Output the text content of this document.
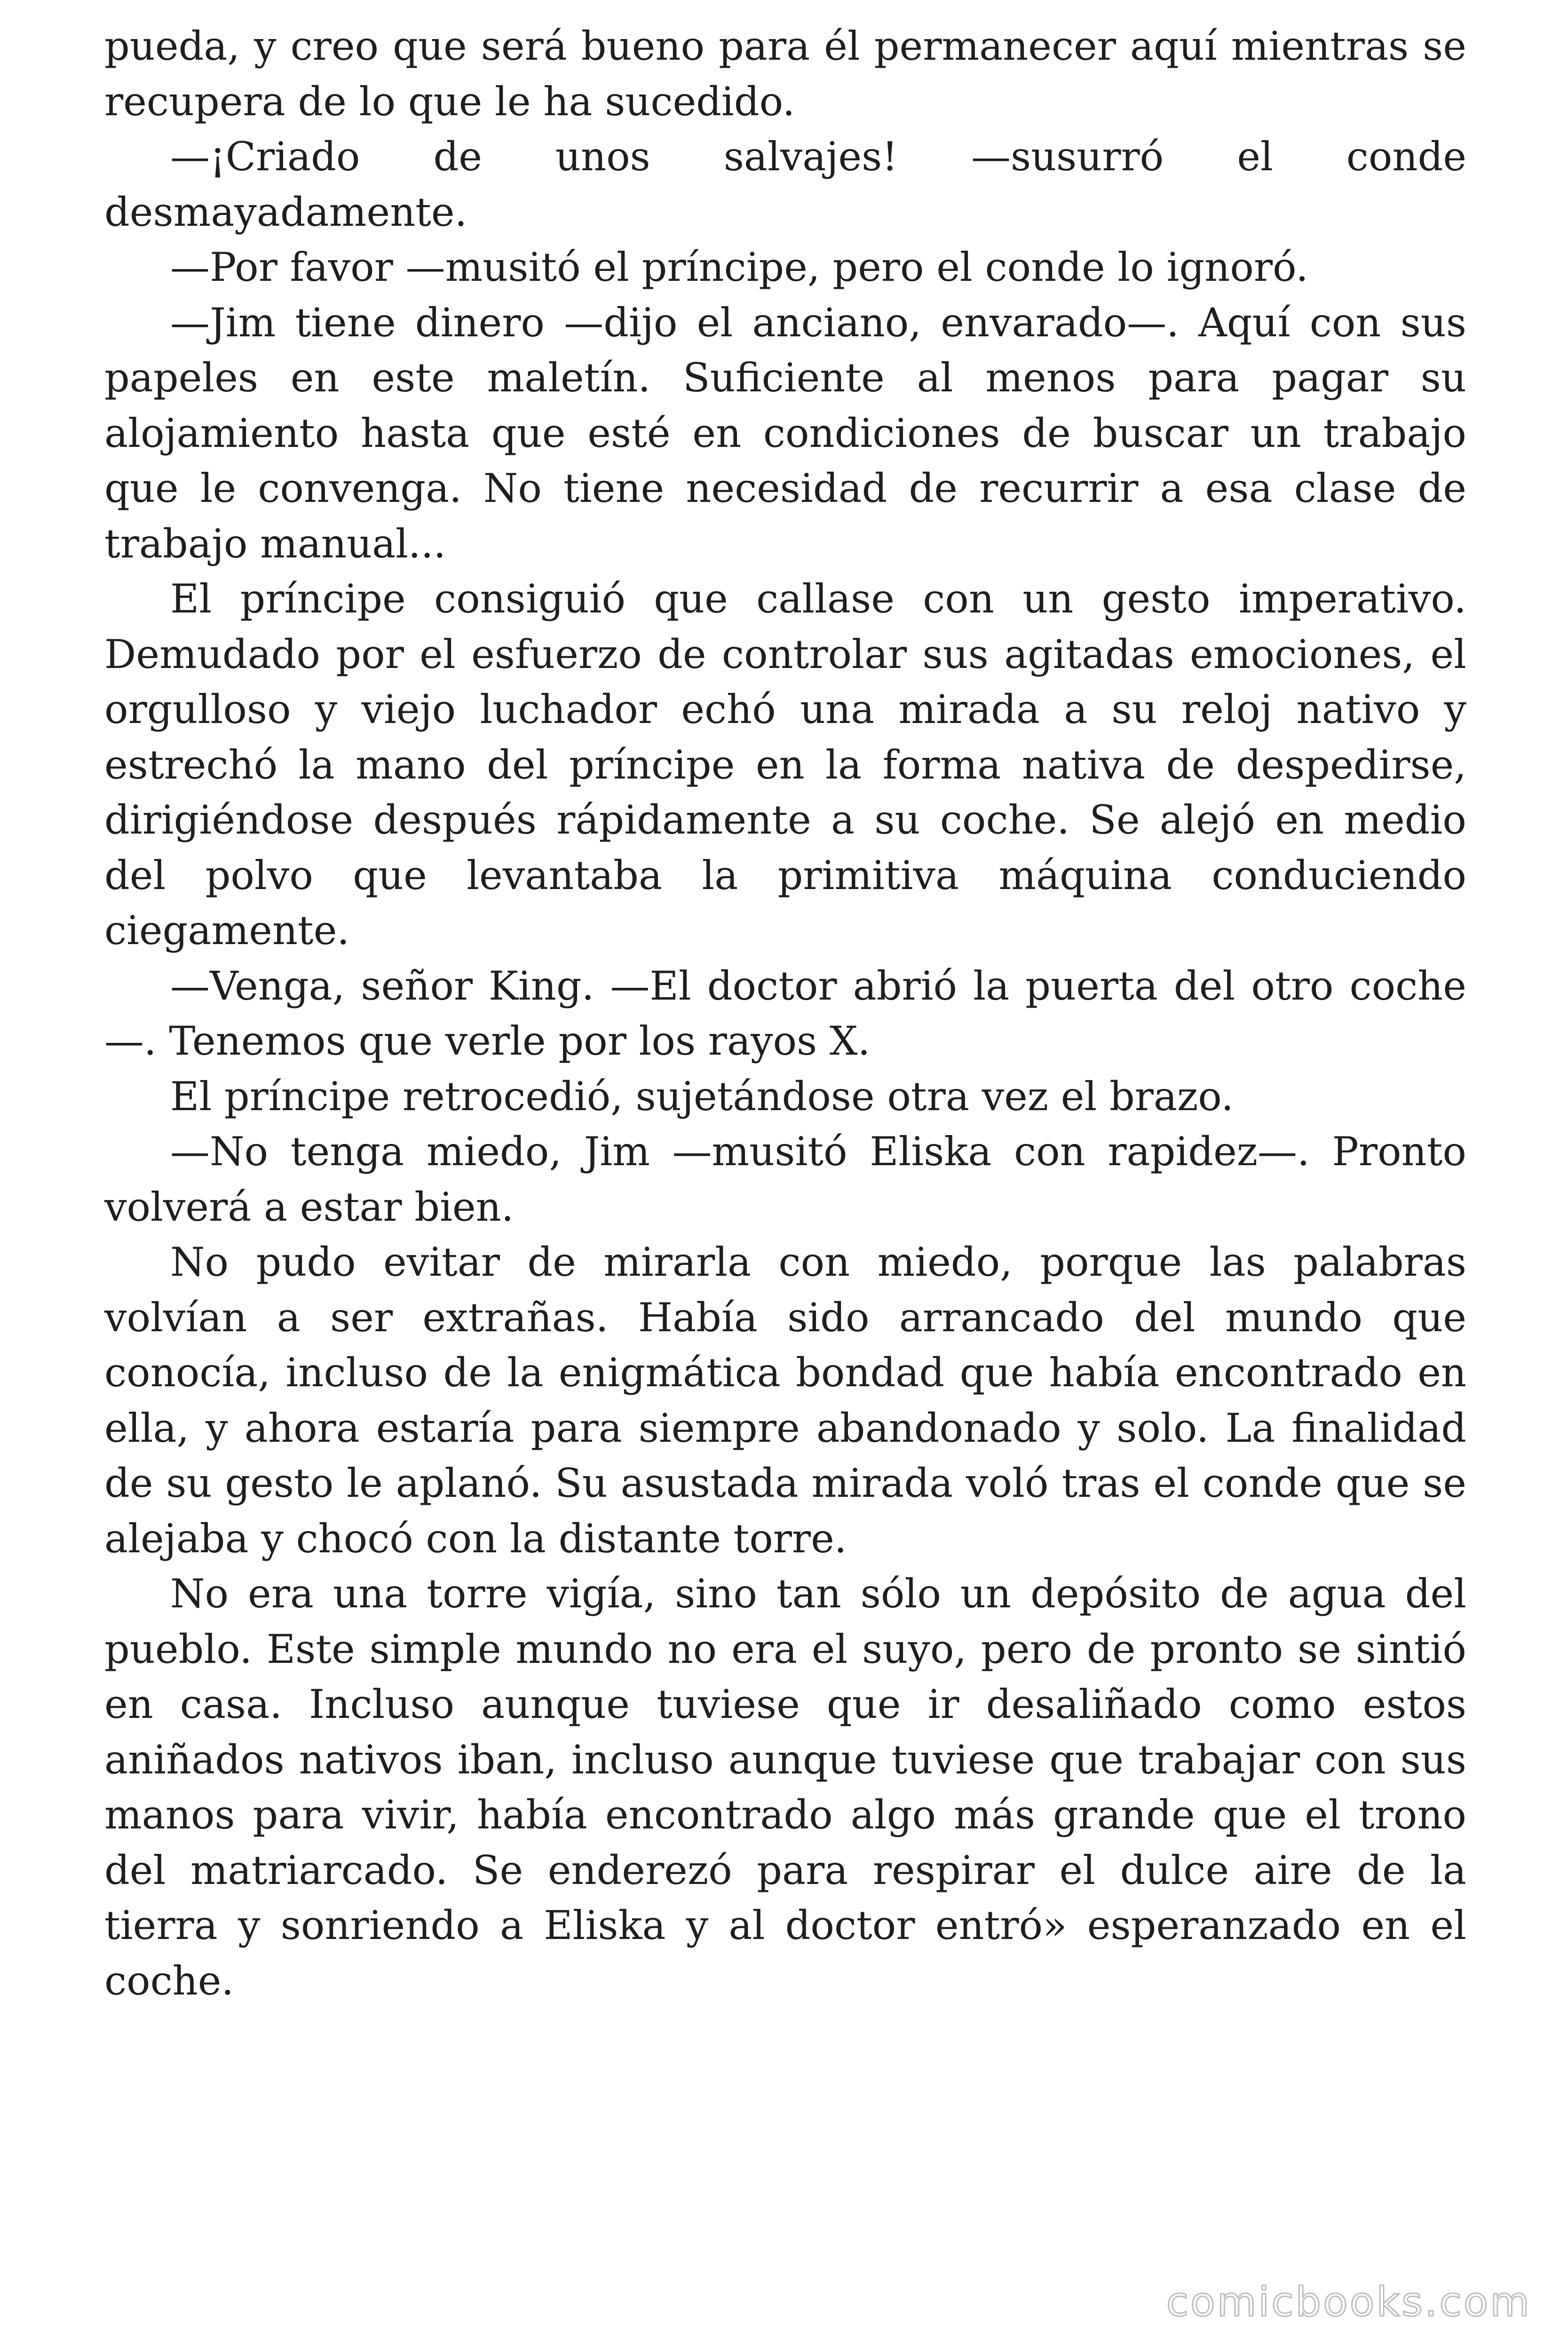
pueda, y creo que será bueno para él permanecer aquí mientras se recupera de lo que le ha sucedido.

—¡Criado de unos salvajes! —susurró el conde desmayadamente.

—Por favor —musitó el príncipe, pero el conde lo ignoró.

—Jim tiene dinero —dijo el anciano, envarado—. Aquí con sus papeles en este maletín. Suficiente al menos para pagar su alojamiento hasta que esté en condiciones de buscar un trabajo que le convenga. No tiene necesidad de recurrir a esa clase de trabajo manual...

El príncipe consiguió que callase con un gesto imperativo. Demudado por el esfuerzo de controlar sus agitadas emociones, el orgulloso y viejo luchador echó una mirada a su reloj nativo y estrechó la mano del príncipe en la forma nativa de despedirse, dirigiéndose después rápidamente a su coche. Se alejó en medio del polvo que levantaba la primitiva máquina conduciendo ciegamente.

—Venga, señor King. —El doctor abrió la puerta del otro coche—. Tenemos que verle por los rayos X.

El príncipe retrocedió, sujetándose otra vez el brazo.

—No tenga miedo, Jim —musitó Eliska con rapidez—. Pronto volverá a estar bien.

No pudo evitar de mirarla con miedo, porque las palabras volvían a ser extrañas. Había sido arrancado del mundo que conocía, incluso de la enigmática bondad que había encontrado en ella, y ahora estaría para siempre abandonado y solo. La finalidad de su gesto le aplanó. Su asustada mirada voló tras el conde que se alejaba y chocó con la distante torre.

No era una torre vigía, sino tan sólo un depósito de agua del pueblo. Este simple mundo no era el suyo, pero de pronto se sintió en casa. Incluso aunque tuviese que ir desaliñado como estos aniñados nativos iban, incluso aunque tuviese que trabajar con sus manos para vivir, había encontrado algo más grande que el trono del matriarcado. Se enderezó para respirar el dulce aire de la tierra y sonriendo a Eliska y al doctor entró» esperanzado en el coche.

comicbooks.com
